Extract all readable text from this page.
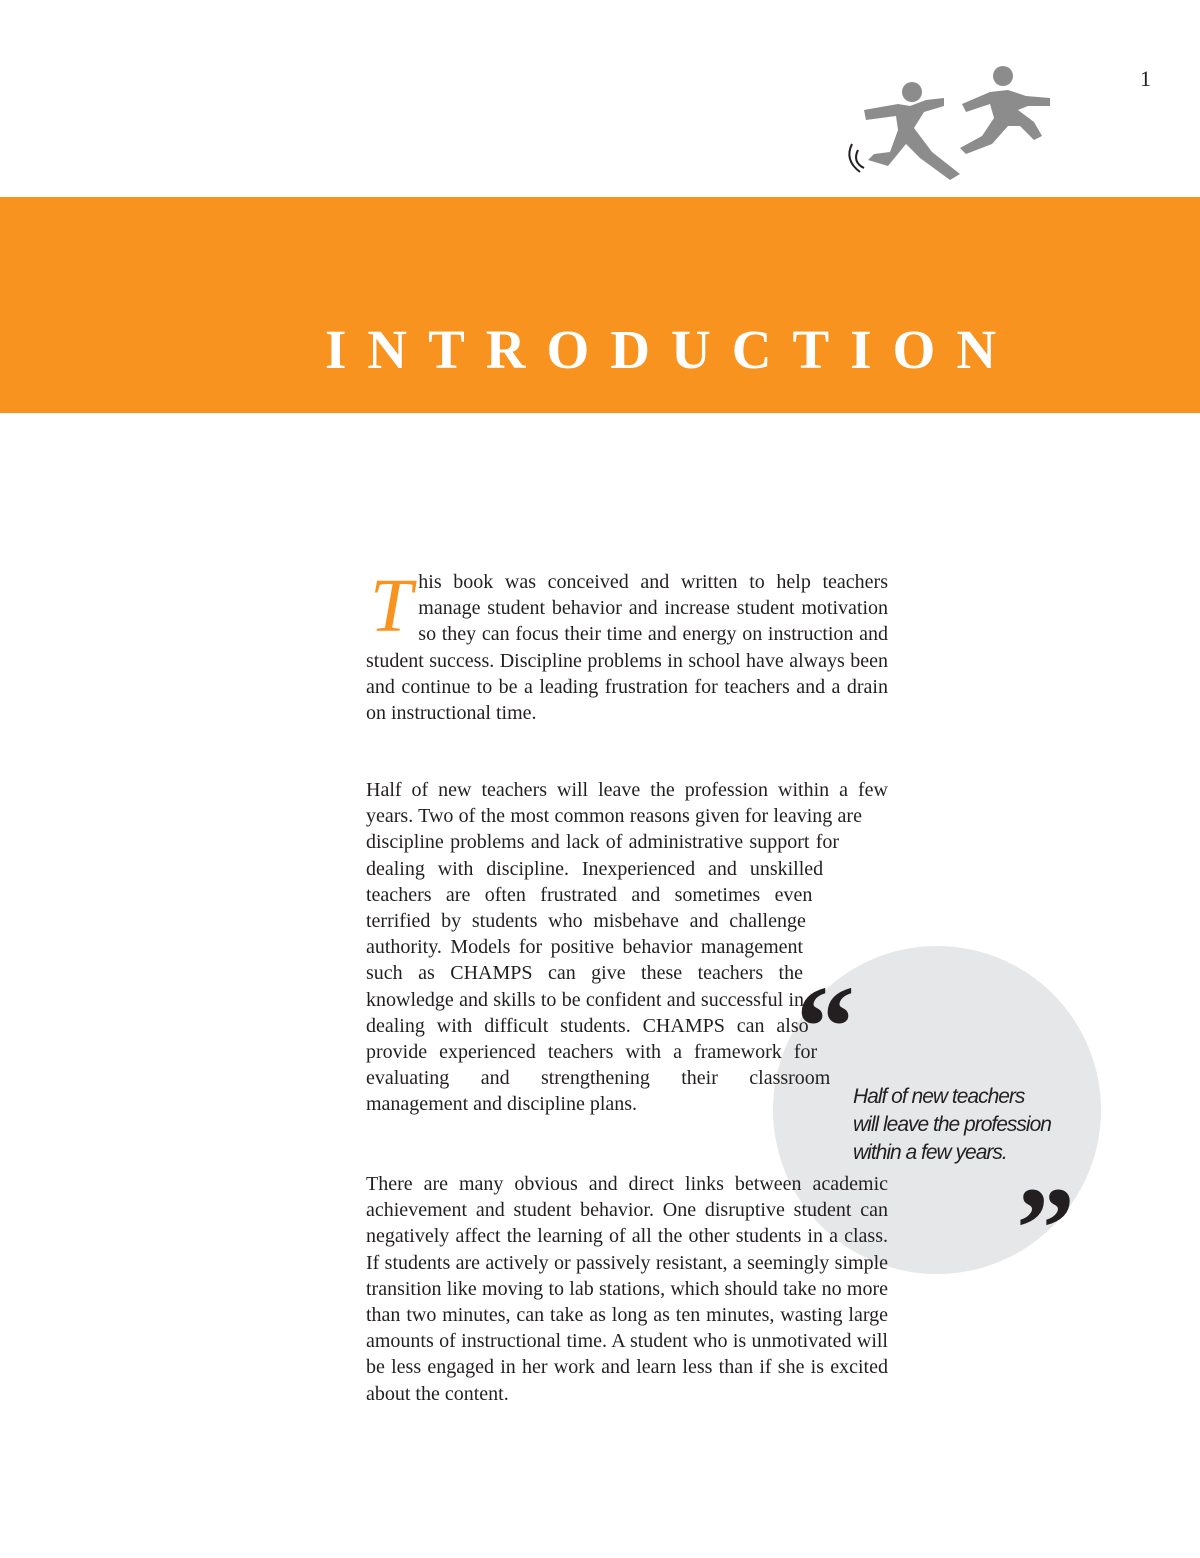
1
INTRODUCTION

This book was conceived and written to help teachers manage student behavior and increase student motivation so they can focus their time and energy on instruction and student success. Discipline problems in school have always been and continue to be a leading frustration for teachers and a drain on instructional time.

“

Half of new teachers will leave the profession within a few years.

”

Half of new teachers will leave the profession within a few years. Two of the most common reasons given for leaving are discipline problems and lack of administrative support for dealing with discipline. Inexperienced and unskilled teachers are often frustrated and sometimes even terrified by students who misbehave and challenge authority. Models for positive behavior management such as CHAMPS can give these teachers the knowledge and skills to be confident and successful in dealing with difficult students. CHAMPS can also provide experienced teachers with a framework for evaluating and strengthening their classroom management and discipline plans.

There are many obvious and direct links between academic achievement and student behavior. One disruptive student can negatively affect the learning of all the other students in a class. If students are actively or passively resistant, a seemingly simple transition like moving to lab stations, which should take no more than two minutes, can take as long as ten minutes, wasting large amounts of instructional time. A student who is unmotivated will be less engaged in her work and learn less than if she is excited about the content.
